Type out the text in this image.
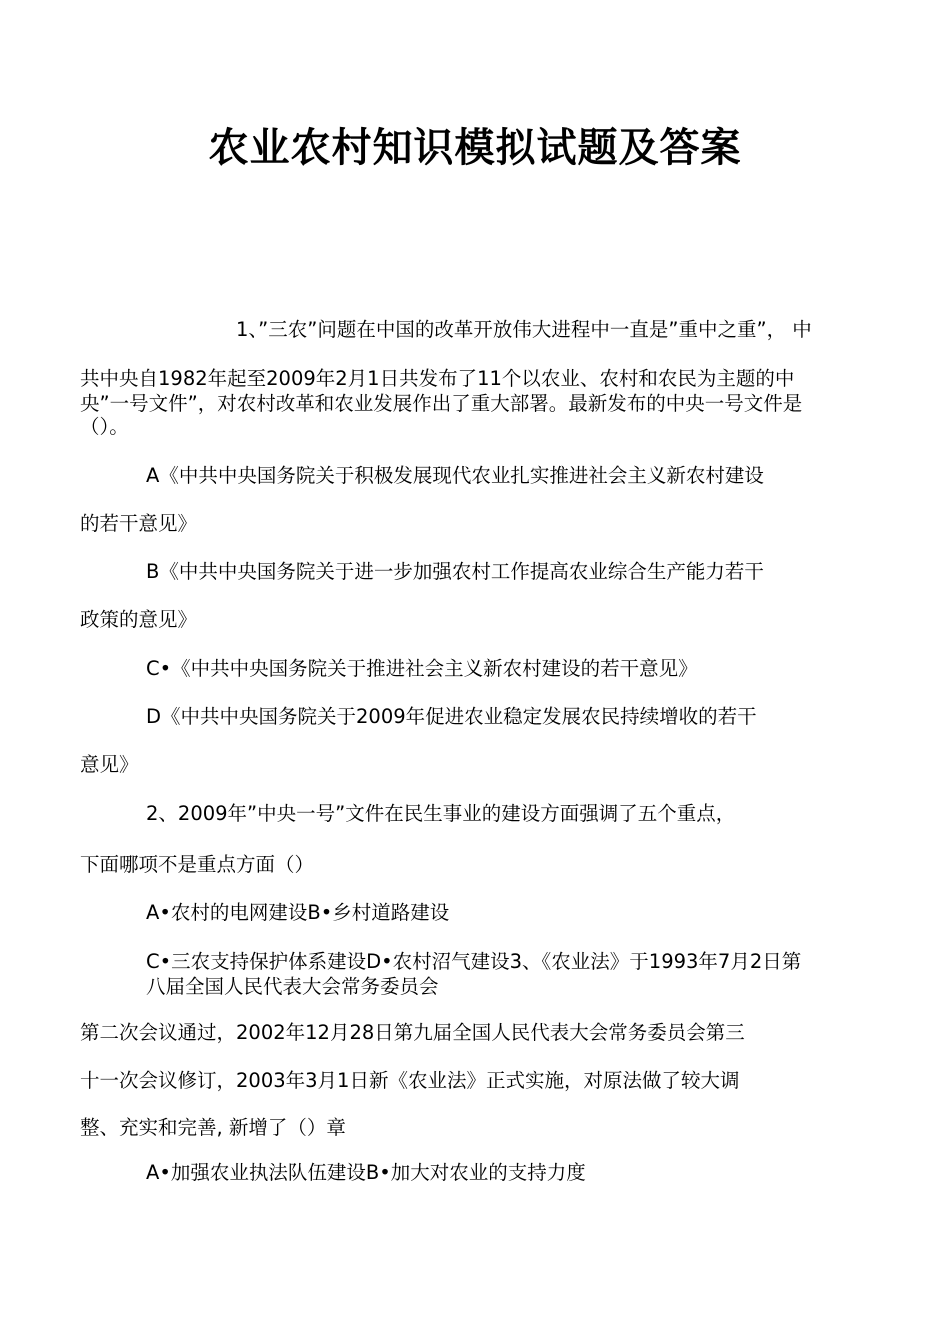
农业农村知识模拟试题及答案

1、”三农”问题在中国的改革开放伟大进程中一直是”重中之重”， 中

共中央自1982年起至2009年2月1日共发布了11个以农业、农村和农民为主题的中

央”一号文件”，对农村改革和农业发展作出了重大部署。最新发布的中央一号文件是

（）。

A《中共中央国务院关于积极发展现代农业扎实推进社会主义新农村建设

的若干意见》

B《中共中央国务院关于进一步加强农村工作提高农业综合生产能力若干

政策的意见》

C•《中共中央国务院关于推进社会主义新农村建设的若干意见》

D《中共中央国务院关于2009年促进农业稳定发展农民持续增收的若干

意见》

2、2009年”中央一号”文件在民生事业的建设方面强调了五个重点，

下面哪项不是重点方面（）

A•农村的电网建设B•乡村道路建设

C•三农支持保护体系建设D•农村沼气建设3、《农业法》于1993年7月2日第

八届全国人民代表大会常务委员会

第二次会议通过，2002年12月28日第九届全国人民代表大会常务委员会第三

十一次会议修订，2003年3月1日新《农业法》正式实施，对原法做了较大调

整、充实和完善, 新增了（）章

A•加强农业执法队伍建设B•加大对农业的支持力度
